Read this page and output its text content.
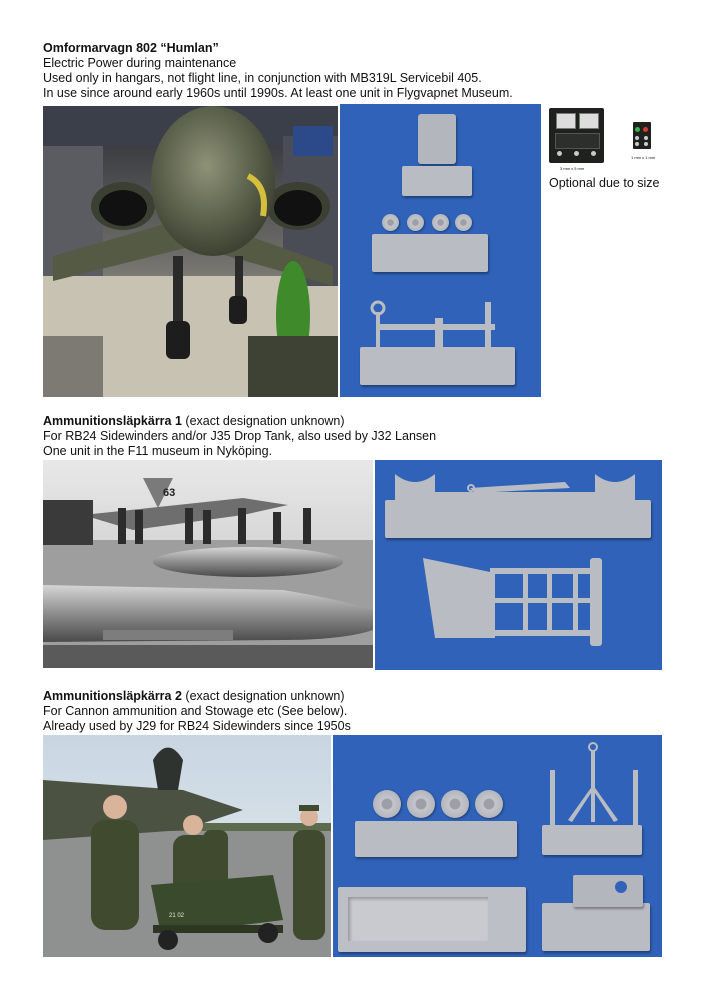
Omformarvagn 802 “Humlan”
Electric Power during maintenance
Used only in hangars, not flight line, in conjunction with MB319L Servicebil 405.
In use since around early 1960s until 1990s. At least one unit in Flygvapnet Museum.
3 mm x 5 mm
1 mm x 1 mm
Optional due to size
Ammunitionsläpkärra 1 (exact designation unknown)
For RB24 Sidewinders and/or J35 Drop Tank, also used by J32 Lansen
One unit in the F11 museum in Nyköping.
63
Ammunitionsläpkärra 2 (exact designation unknown)
For Cannon ammunition and Stowage etc (See below).
Already used by J29 for RB24 Sidewinders since 1950s
21 02
